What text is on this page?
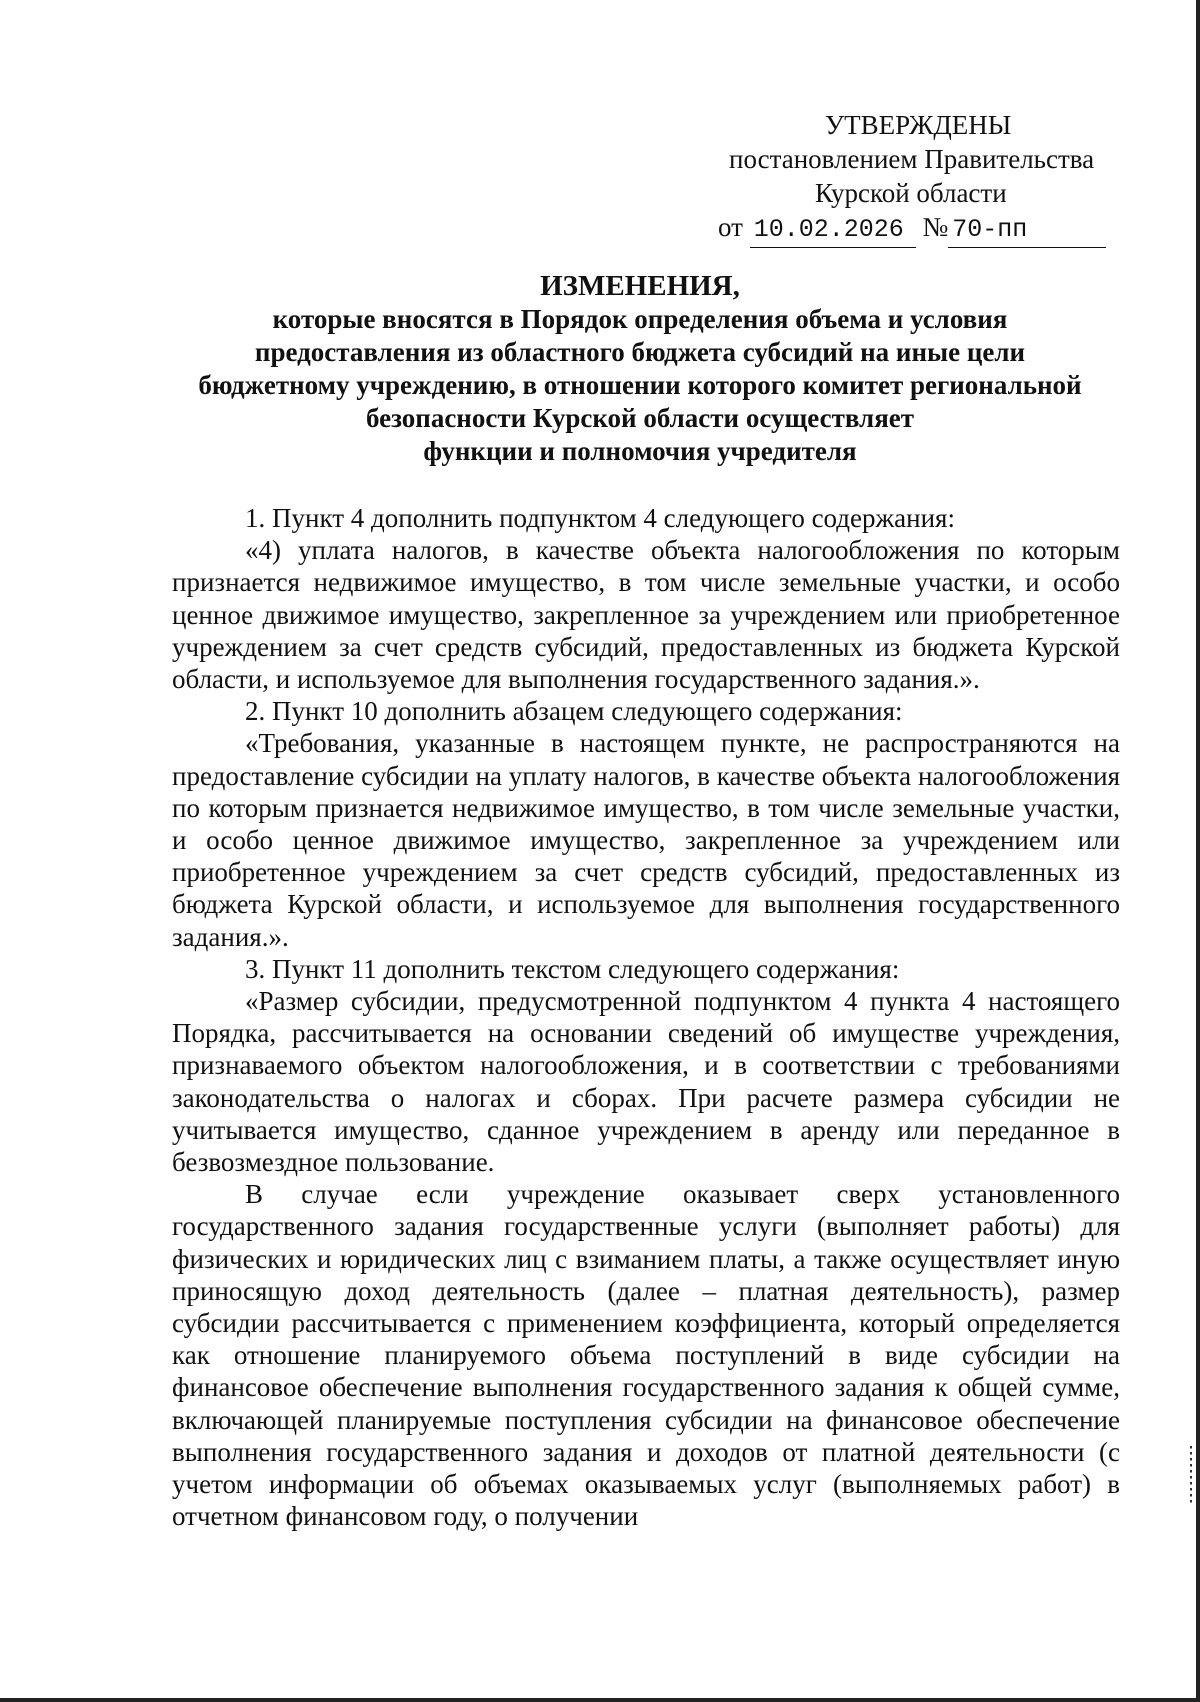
УТВЕРЖДЕНЫ
постановлением Правительства
Курской области
от 10.02.2026 № 70-пп
ИЗМЕНЕНИЯ,
которые вносятся в Порядок определения объема и условия
предоставления из областного бюджета субсидий на иные цели
бюджетному учреждению, в отношении которого комитет региональной
безопасности Курской области осуществляет
функции и полномочия учредителя

1. Пункт 4 дополнить подпунктом 4 следующего содержания:

«4) уплата налогов, в качестве объекта налогообложения по которым признается недвижимое имущество, в том числе земельные участки, и особо ценное движимое имущество, закрепленное за учреждением или приобретенное учреждением за счет средств субсидий, предоставленных из бюджета Курской области, и используемое для выполнения государственного задания.».

2. Пункт 10 дополнить абзацем следующего содержания:

«Требования, указанные в настоящем пункте, не распространяются на предоставление субсидии на уплату налогов, в качестве объекта налогообложения по которым признается недвижимое имущество, в том числе земельные участки, и особо ценное движимое имущество, закрепленное за учреждением или приобретенное учреждением за счет средств субсидий, предоставленных из бюджета Курской области, и используемое для выполнения государственного задания.».

3. Пункт 11 дополнить текстом следующего содержания:

«Размер субсидии, предусмотренной подпунктом 4 пункта 4 настоящего Порядка, рассчитывается на основании сведений об имуществе учреждения, признаваемого объектом налогообложения, и в соответствии с требованиями законодательства о налогах и сборах. При расчете размера субсидии не учитывается имущество, сданное учреждением в аренду или переданное в безвозмездное пользование.

В случае если учреждение оказывает сверх установленного государственного задания государственные услуги (выполняет работы) для физических и юридических лиц с взиманием платы, а также осуществляет иную приносящую доход деятельность (далее – платная деятельность), размер субсидии рассчитывается с применением коэффициента, который определяется как отношение планируемого объема поступлений в виде субсидии на финансовое обеспечение выполнения государственного задания к общей сумме, включающей планируемые поступления субсидии на финансовое обеспечение выполнения государственного задания и доходов от платной деятельности (с учетом информации об объемах оказываемых услуг (выполняемых работ) в отчетном финансовом году, о получении
